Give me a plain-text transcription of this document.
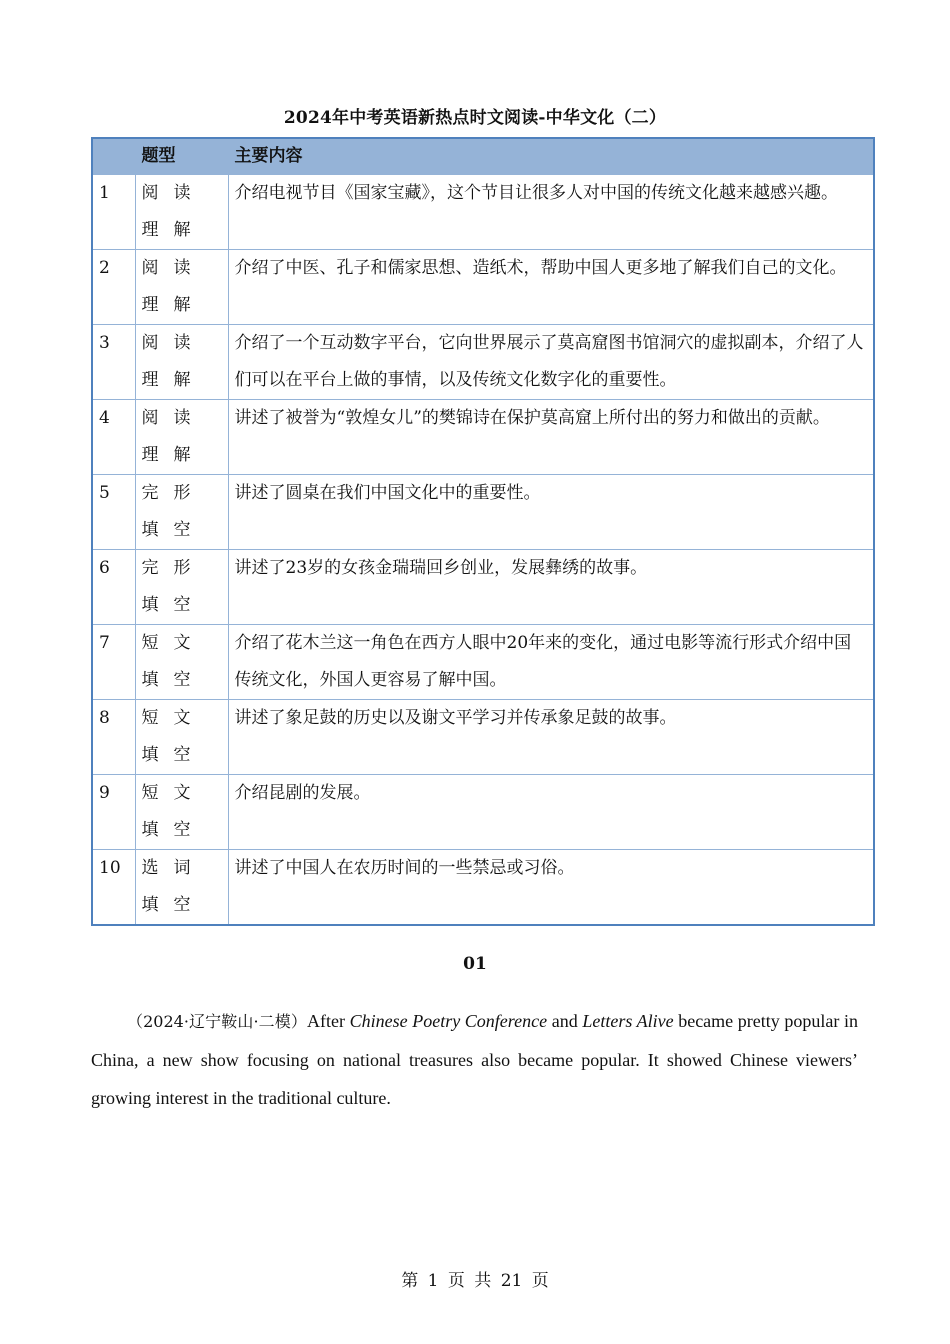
2024年中考英语新热点时文阅读-中华文化（二）
	题型	主要内容
1	阅读理解	介绍电视节目《国家宝藏》，这个节目让很多人对中国的传统文化越来越感兴趣。
2	阅读理解	介绍了中医、孔子和儒家思想、造纸术，帮助中国人更多地了解我们自己的文化。
3	阅读理解	介绍了一个互动数字平台，它向世界展示了莫高窟图书馆洞穴的虚拟副本，介绍了人们可以在平台上做的事情，以及传统文化数字化的重要性。
4	阅读理解	讲述了被誉为“敦煌女儿”的樊锦诗在保护莫高窟上所付出的努力和做出的贡献。
5	完形填空	讲述了圆桌在我们中国文化中的重要性。
6	完形填空	讲述了23岁的女孩金瑞瑞回乡创业，发展彝绣的故事。
7	短文填空	介绍了花木兰这一角色在西方人眼中20年来的变化，通过电影等流行形式介绍中国传统文化，外国人更容易了解中国。
8	短文填空	讲述了象足鼓的历史以及谢文平学习并传承象足鼓的故事。
9	短文填空	介绍昆剧的发展。
10	选词填空	讲述了中国人在农历时间的一些禁忌或习俗。
01

（2024·辽宁鞍山·二模）After Chinese Poetry Conference and Letters Alive became pretty popular in China, a new show focusing on national treasures also became popular. It showed Chinese viewers’ growing interest in the traditional culture.

第 1 页 共 21 页
